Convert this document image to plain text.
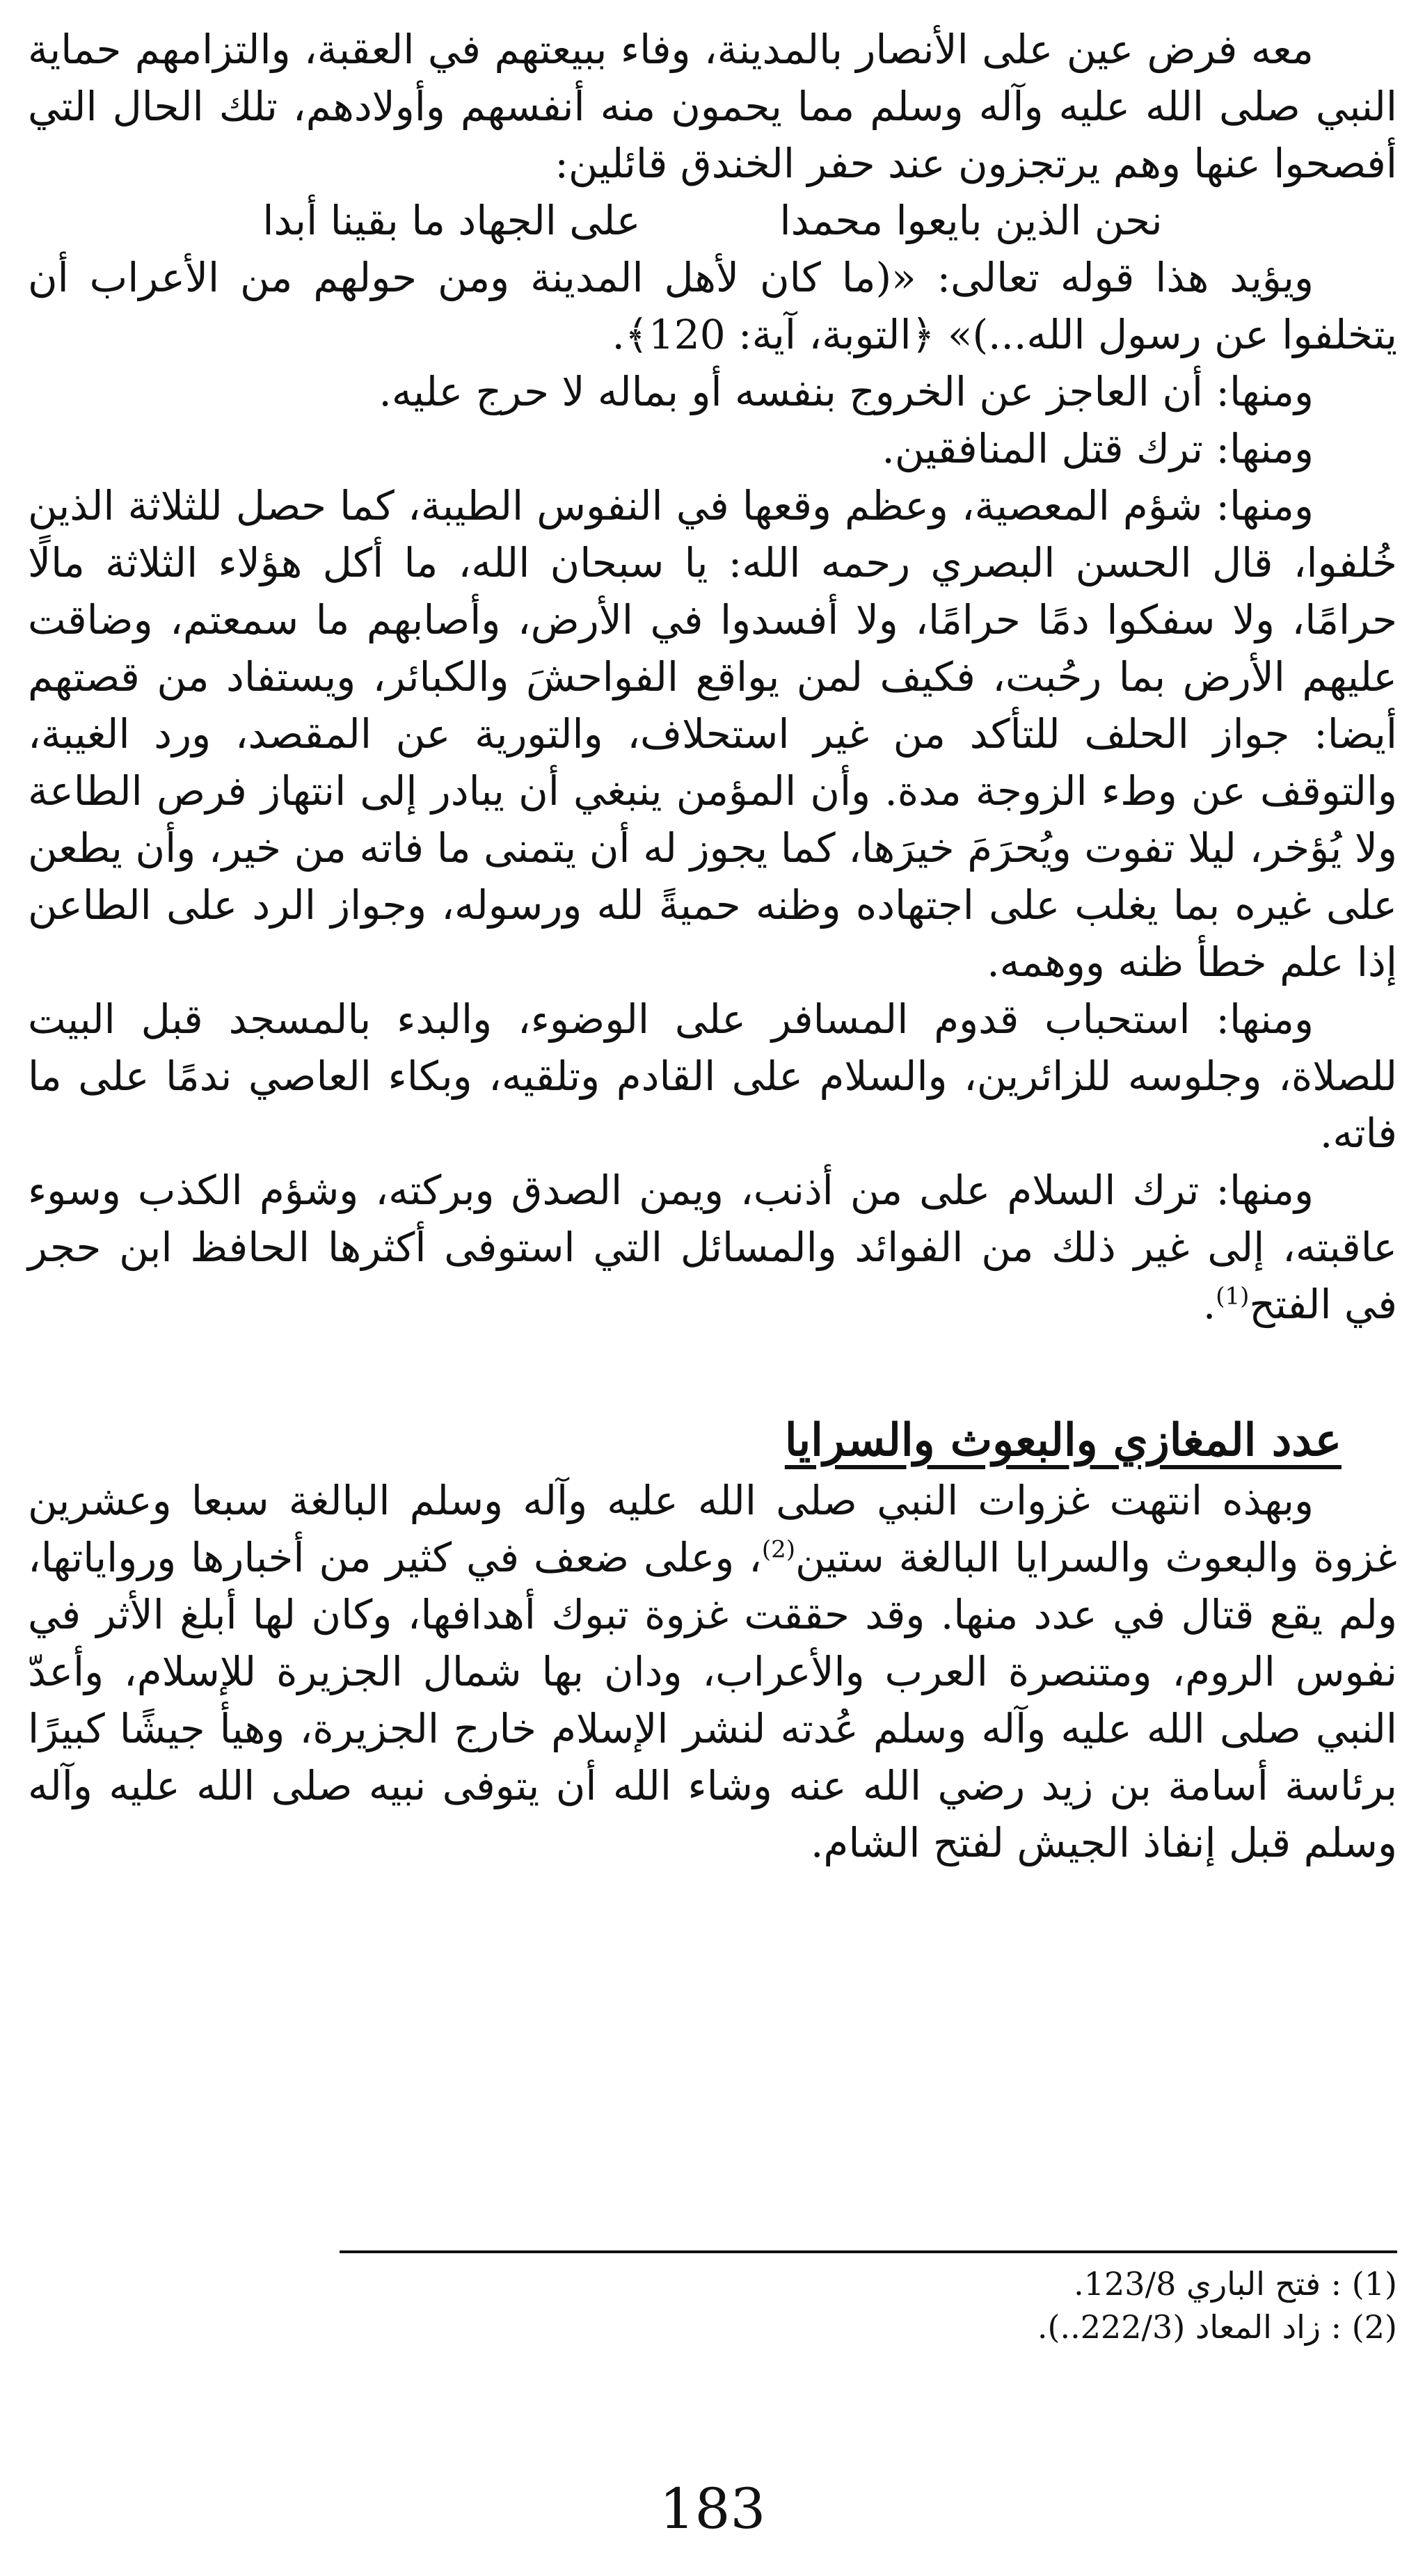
معه فرض عين على الأنصار بالمدينة، وفاء ببيعتهم في العقبة، والتزامهم حماية النبي صلى الله عليه وآله وسلم مما يحمون منه أنفسهم وأولادهم، تلك الحال التي أفصحوا عنها وهم يرتجزون عند حفر الخندق قائلين:

نحن الذين بايعوا محمدا
على الجهاد ما بقينا أبدا

ويؤيد هذا قوله تعالى: «(ما كان لأهل المدينة ومن حولهم من الأعراب أن يتخلفوا عن رسول الله...)» ﴿التوبة، آية: 120﴾.

ومنها: أن العاجز عن الخروج بنفسه أو بماله لا حرج عليه.

ومنها: ترك قتل المنافقين.

ومنها: شؤم المعصية، وعظم وقعها في النفوس الطيبة، كما حصل للثلاثة الذين خُلفوا، قال الحسن البصري رحمه الله: يا سبحان الله، ما أكل هؤلاء الثلاثة مالًا حرامًا، ولا سفكوا دمًا حرامًا، ولا أفسدوا في الأرض، وأصابهم ما سمعتم، وضاقت عليهم الأرض بما رحُبت، فكيف لمن يواقع الفواحشَ والكبائر، ويستفاد من قصتهم أيضا: جواز الحلف للتأكد من غير استحلاف، والتورية عن المقصد، ورد الغيبة، والتوقف عن وطء الزوجة مدة. وأن المؤمن ينبغي أن يبادر إلى انتهاز فرص الطاعة ولا يُؤخر، ليلا تفوت ويُحرَمَ خيرَها، كما يجوز له أن يتمنى ما فاته من خير، وأن يطعن على غيره بما يغلب على اجتهاده وظنه حميةً لله ورسوله، وجواز الرد على الطاعن إذا علم خطأ ظنه ووهمه.

ومنها: استحباب قدوم المسافر على الوضوء، والبدء بالمسجد قبل البيت للصلاة، وجلوسه للزائرين، والسلام على القادم وتلقيه، وبكاء العاصي ندمًا على ما فاته.

ومنها: ترك السلام على من أذنب، ويمن الصدق وبركته، وشؤم الكذب وسوء عاقبته، إلى غير ذلك من الفوائد والمسائل التي استوفى أكثرها الحافظ ابن حجر في الفتح$^{(1)}$.

عدد المغازي والبعوث والسرايا

وبهذه انتهت غزوات النبي صلى الله عليه وآله وسلم البالغة سبعا وعشرين غزوة والبعوث والسرايا البالغة ستين$^{(2)}$، وعلى ضعف في كثير من أخبارها ورواياتها، ولم يقع قتال في عدد منها. وقد حققت غزوة تبوك أهدافها، وكان لها أبلغ الأثر في نفوس الروم، ومتنصرة العرب والأعراب، ودان بها شمال الجزيرة للإسلام، وأعدّ النبي صلى الله عليه وآله وسلم عُدته لنشر الإسلام خارج الجزيرة، وهيأ جيشًا كبيرًا برئاسة أسامة بن زيد رضي الله عنه وشاء الله أن يتوفى نبيه صلى الله عليه وآله وسلم قبل إنفاذ الجيش لفتح الشام.

(1) : فتح الباري 123/8.

(2) : زاد المعاد (222/3..).

183
